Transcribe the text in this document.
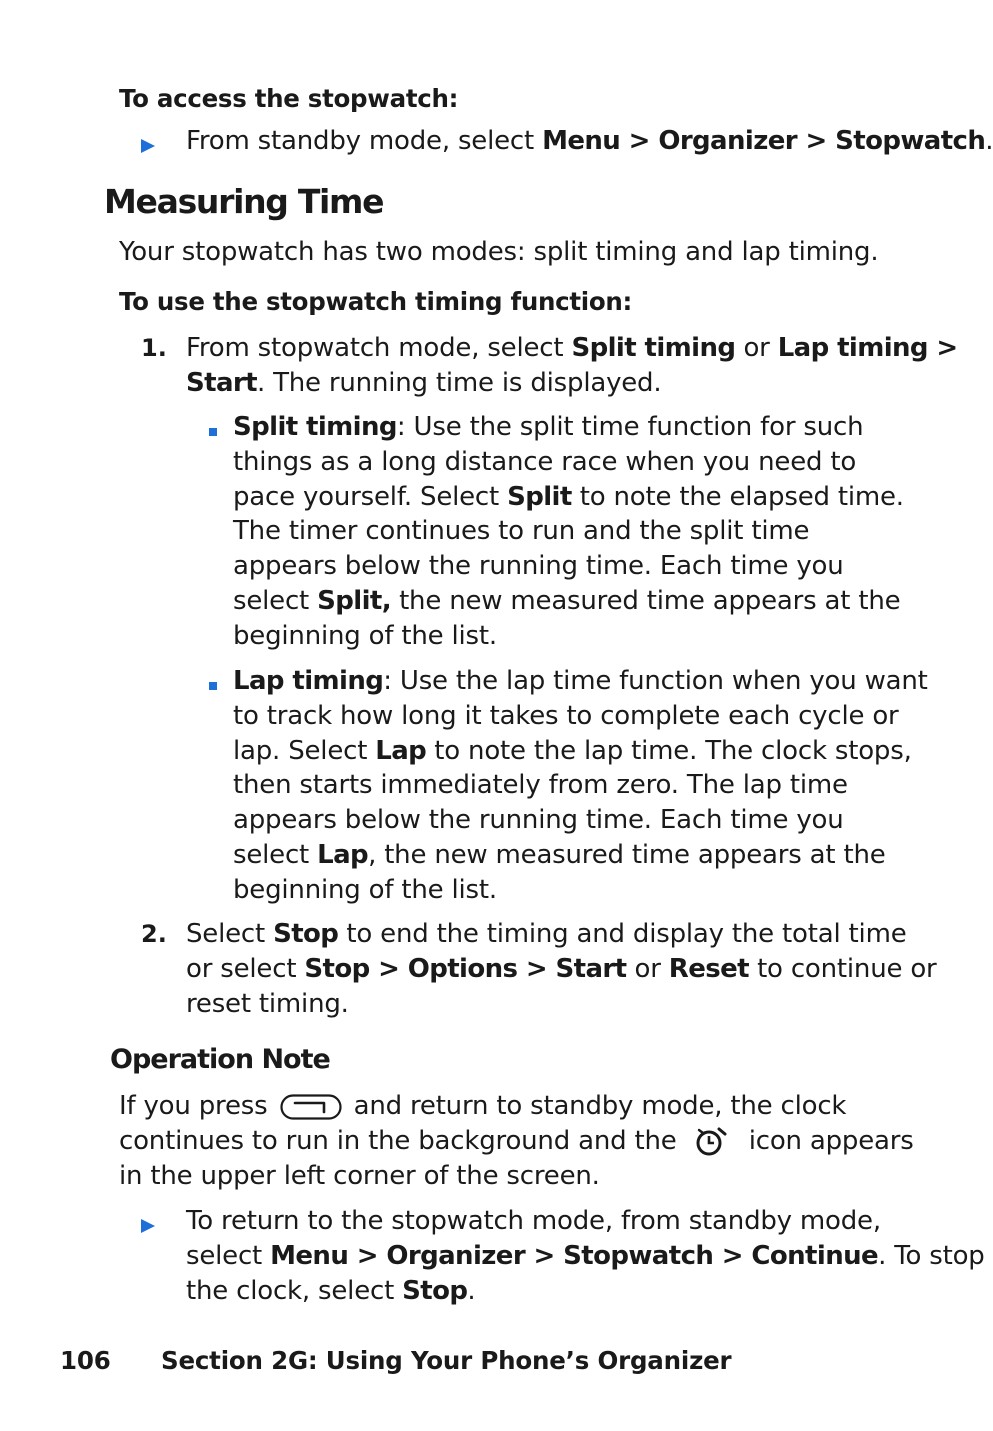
To access the stopwatch:
From standby mode, select Menu > Organizer > Stopwatch.
Measuring Time
Your stopwatch has two modes: split timing and lap timing.
To use the stopwatch timing function:
1. From stopwatch mode, select Split timing or Lap timing >
Start. The running time is displayed.
Split timing: Use the split time function for such
things as a long distance race when you need to
pace yourself. Select Split to note the elapsed time.
The timer continues to run and the split time
appears below the running time. Each time you
select Split, the new measured time appears at the
beginning of the list.
Lap timing: Use the lap time function when you want
to track how long it takes to complete each cycle or
lap. Select Lap to note the lap time. The clock stops,
then starts immediately from zero. The lap time
appears below the running time. Each time you
select Lap, the new measured time appears at the
beginning of the list.
2. Select Stop to end the timing and display the total time
or select Stop > Options > Start or Reset to continue or
reset timing.
Operation Note
If you press	and return to standby mode, the clock
continues to run in the background and the	icon appears
in the upper left corner of the screen.
To return to the stopwatch mode, from standby mode,
select Menu > Organizer > Stopwatch > Continue. To stop
the clock, select Stop.
106 Section 2G: Using Your Phone’s Organizer
